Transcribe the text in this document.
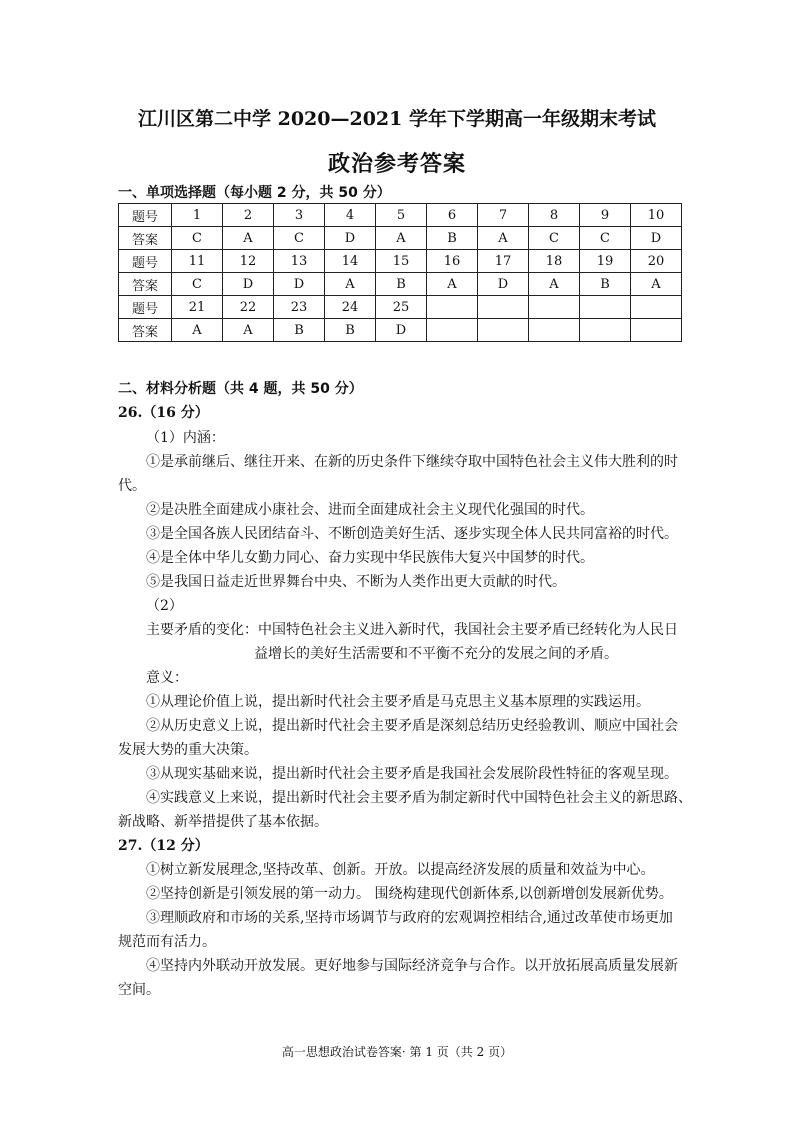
江川区第二中学 2020—2021 学年下学期高一年级期末考试
政治参考答案
一、单项选择题（每小题 2 分，共 50 分）
题号	1	2	3	4	5	6	7	8	9	10
答案	C	A	C	D	A	B	A	C	C	D
题号	11	12	13	14	15	16	17	18	19	20
答案	C	D	D	A	B	A	D	A	B	A
题号	21	22	23	24	25					
答案	A	A	B	B	D					
二、材料分析题（共 4 题，共 50 分）
26.（16 分）
（1）内涵：
①是承前继后、继往开来、在新的历史条件下继续夺取中国特色社会主义伟大胜利的时
代。
②是决胜全面建成小康社会、进而全面建成社会主义现代化强国的时代。
③是全国各族人民团结奋斗、不断创造美好生活、逐步实现全体人民共同富裕的时代。
④是全体中华儿女勤力同心、奋力实现中华民族伟大复兴中国梦的时代。
⑤是我国日益走近世界舞台中央、不断为人类作出更大贡献的时代。
（2）
主要矛盾的变化：中国特色社会主义进入新时代，我国社会主要矛盾已经转化为人民日
益增长的美好生活需要和不平衡不充分的发展之间的矛盾。
意义：
①从理论价值上说，提出新时代社会主要矛盾是马克思主义基本原理的实践运用。
②从历史意义上说，提出新时代社会主要矛盾是深刻总结历史经验教训、顺应中国社会
发展大势的重大决策。
③从现实基础来说，提出新时代社会主要矛盾是我国社会发展阶段性特征的客观呈现。
④实践意义上来说，提出新时代社会主要矛盾为制定新时代中国特色社会主义的新思路、
新战略、新举措提供了基本依据。
27.（12 分）
①树立新发展理念,坚持改革、创新。开放。以提高经济发展的质量和效益为中心。
②坚持创新是引领发展的第一动力。 围绕构建现代创新体系,以创新增创发展新优势。
③理顺政府和市场的关系,坚持市场调节与政府的宏观调控相结合,通过改革使市场更加
规范而有活力。
④坚持内外联动开放发展。更好地参与国际经济竞争与合作。以开放拓展高质量发展新
空间。
高一思想政治试卷答案· 第 1 页（共 2 页）
